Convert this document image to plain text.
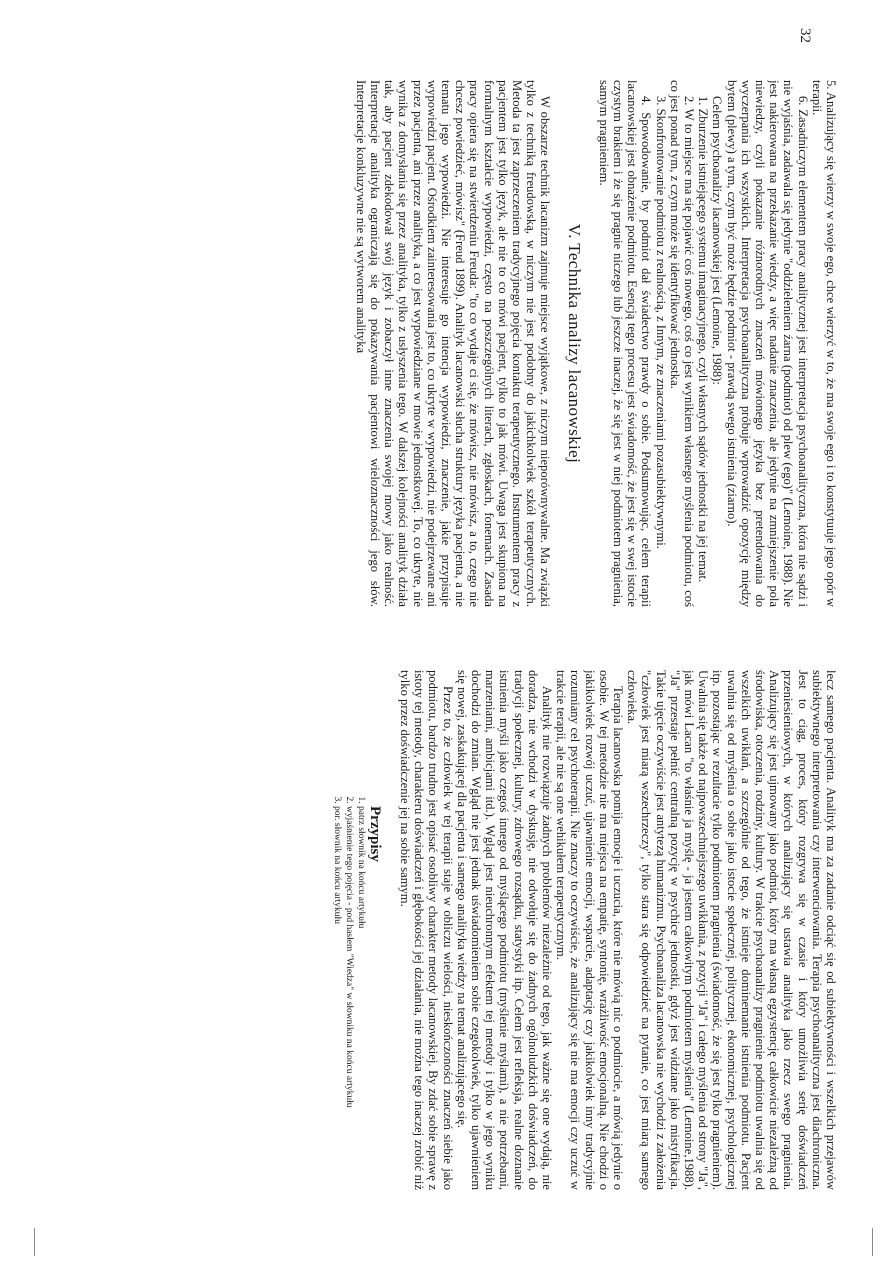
32

5. Analizujący się wierzy w swoje ego, chce wierzyć w to, że ma swoje ego i to konstytuuje jego opór w terapii.

6. Zasadniczym elementem pracy analitycznej jest interpretacja psychoanalityczna, która nie sądzi i nie wyjaśnia, zadawala się jedynie "oddzieleniem źarna (podmiot) od plew (ego)" (Lemoine, 1988). Nie jest nakierowana na przekazanie wiedzy, a więc nadanie znaczenia, ale jedynie na zmniejszenie pola niewiedzy, czyli pokazanie różnorodnych znaczeń mówionego języka bez pretendowania do wyczerpania ich wszystkich. Interpretacja psychoanalityczna próbuje wprowadzić opozycję między bytem (plewy) a tym, czym być może będzie podmiot - prawdą swego istnienia (ziarno).

Celem psychoanalizy lacanowskiej jest (Lemoine, 1988):

1. Zburzenie istniejącego systemu imaginacyjnego, czyli własnych sądów jednostki na jej temat.

2. W to miejsce ma się pojawić coś nowego, coś co jest wynikiem własnego myślenia podmiotu, coś co jest ponad tym, z czym może się identyfikować jednostka.

3. Skonfrontowanie podmiotu z realnością, z Innym, ze znaczeniami pozasubiektywnymi.

4. Spowodowanie, by podmiot dał świadectwo prawdy o sobie. Podsumowując, celem terapii lacanowskiej jest obnażenie podmiotu. Esencją tego procesu jest świadomość, że jest się w swej istocie czystym brakiem i że się pragnie niczego lub jeszcze inaczej, że się jest w niej podmiotem pragnienia, samym pragnieniem.

V. Technika analizy lacanowskiej

W obszarze technik lacanizm zajmuje miejsce wyjątkowe, z niczym nieporównywalne. Ma związki tylko z techniką freudowską, w niczym nie jest podobny do jakichkolwiek szkół terapeutycznych. Metoda ta jest zaprzeczeniem tradycyjnego pojęcia kontaktu terapeutycznego. Instrumentem pracy z pacjentem jest tylko język, ale nie to co mówi pacjent, tylko to jak mówi. Uwaga jest skupiona na formalnym kształcie wypowiedzi, często na poszczególnych literach, zgłoskach, fonemach. Zasada pracy opiera się na stwierdzeniu Freuda: "to co wydaje ci się, że mówisz, nie mówisz, a to, czego nie chcesz powiedzieć, mówisz" (Freud 1899). Analityk lacanowski słucha struktury języka pacjenta, a nie tematu jego wypowiedzi. Nie interesuje go intencja wypowiedzi, znaczenie, jakie przypisuje wypowiedzi pacjent. Ośrodkiem zainteresowania jest to, co ukryte w wypowiedzi, nie podejrzewane ani przez pacjenta, ani przez analityka, a co jest wypowiedziane w mowie jednostkowej. To, co ukryte, nie wynika z domysłania się przez analityka, tylko z usłyszenia tego. W dalszej kolejności analityk działa tak, aby pacjent zdekodował swój język i zobaczył inne znaczenia swojej mowy jako realność. Interpretacje analityka ograniczają się do pokazywania pacjentowi wieloznaczności jego słów. Interpretacje konkluzywne nie są wytworem analityka

lecz samego pacjenta. Analityk ma za zadanie odciąć się od subiektywności i wszelkich przejawów subiektywnego interpretowania czy interwenciowania. Terapia psychoanalityczna jest diachroniczna. Jest to ciąg, proces, który rozgrywa się w czasie i który umożliwia serię doświadczeń przeniesieniowych, w których analizujący się ustawia analityka jako rzecz swego pragnienia. Analizujący się jest ujmowany jako podmiot, który ma własną egzystencję całkowicie niezależną od środowiska, otoczenia, rodziny, kultury. W trakcie psychoanalizy pragnienie podmiotu uwalnia się od wszelkich uwikłań, a szczególnie od tego, że istnieje dominemanie istnienia podmiotu. Pacjent uwalnia się od myślenia o sobie jako istocie społecznej, politycznej, ekonomicznej, psychologicznej itp. pozostając w rezultacie tylko podmiotem pragnienia (świadomość, że się jest tylko pragnieniem). Uwalnia się także od najpowszechniejszego uwikłania, z pozycji "Ja" i całego myślenia od strony "Ja", jak mówi Lacan "to właśnie ja myślę - ja jestem całkowitym podmiotem myślenia" (Lemoine,1988). "Ja" przestaje pełnić centralną pozycję w psychice jednostki, gdyż jest widziane jako mistyfikacja. Takie ujęcie oczywiście jest antytezą humanizmu. Psychoanaliza lacanowska nie wychodzi z założenia "człowiek jest miarą wszechrzeczy", tylko stara się odpowiedzieć na pytanie, co jest miarą samego człowieka.

Terapia lacanowska pomija emocje i uczucia, które nie mówią nic o podmiocie, a mówią jedynie o osobie. W tej metodzie nie ma miejsca na empatię, syntonię, wrażliwość emocjonalną. Nie chodzi o jakikolwiek rozwój uczuć, ujawnienie emocji, wsparcie, adaptację czy jakikolwiek inny tradycyjnie rozumiany cel psychoterapii. Nie znaczy to oczywiście, że analizujący się nie ma emocji czy uczuć w trakcie terapii, ale nie są one wehikułem terapeutycznym.

Analityk nie rozwiązuje żadnych problemów niezależnie od tego, jak ważne się one wydają, nie doradza, nie wchodzi w dyskusję, nie odwołuje się do żadnych ogólnoludzkich doświadczeń, do tradycji społecznej, kultury, zdrowego rozsądku, statystyki itp. Celem jest refleksja, realne doznanie istnienia myśli jako czegoś innego od myślącego podmiotu (myślenie myślami), a nie potrzebami, marzeniami, ambicjami itd.). Wgląd jest nieuchronnym efektem tej metody i tylko w jego wyniku dochodzi do zmian. Wgląd nie jest jednak uświadomieniem sobie czegokolwiek, tylko ujawnieniem się nowej, zaskakującej dla pacjenta i samego analityka wiedzy na temat analizującego się.

Przez to, że człowiek w tej terapii staje w obliczu wielości, nieskończoności znaczeń siebie jako podmiotu, bardzo trudno jest opisać osobliwy charakter metody lacanowskiej. By zdać sobie sprawę z istoty tej metody, charakteru doświadczeń i głębokości jej działania, nie można tego inaczej zrobić niż tylko przez doświadczenie jej na sobie samym.

Przypisy

1. patrz słownik na końcu artykułu
2. wyjaśnienie tego pojęcia - pod hasłem "Wiedza" w słowniku na końcu artykułu
3. por. słownik na końcu artykułu
